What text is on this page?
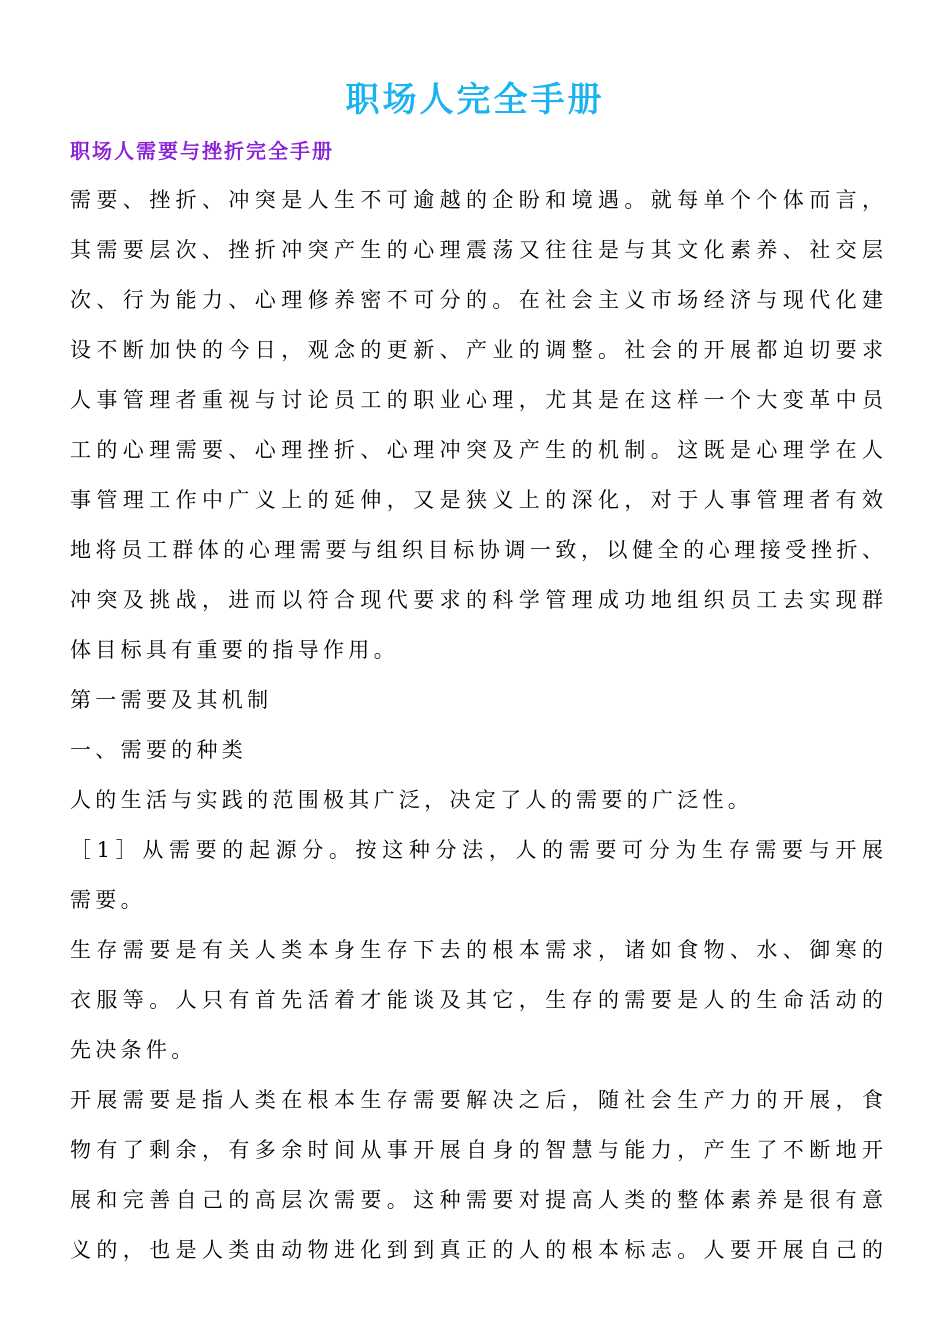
职场人完全手册
职场人需要与挫折完全手册
需要、挫折、冲突是人生不可逾越的企盼和境遇。就每单个个体而言，
其需要层次、挫折冲突产生的心理震荡又往往是与其文化素养、社交层
次、行为能力、心理修养密不可分的。在社会主义市场经济与现代化建
设不断加快的今日，观念的更新、产业的调整。社会的开展都迫切要求
人事管理者重视与讨论员工的职业心理，尤其是在这样一个大变革中员
工的心理需要、心理挫折、心理冲突及产生的机制。这既是心理学在人
事管理工作中广义上的延伸，又是狭义上的深化，对于人事管理者有效
地将员工群体的心理需要与组织目标协调一致，以健全的心理接受挫折、
冲突及挑战，进而以符合现代要求的科学管理成功地组织员工去实现群
体目标具有重要的指导作用。
第一需要及其机制
一、需要的种类
人的生活与实践的范围极其广泛，决定了人的需要的广泛性。
［1］从需要的起源分。按这种分法，人的需要可分为生存需要与开展
需要。
生存需要是有关人类本身生存下去的根本需求，诸如食物、水、御寒的
衣服等。人只有首先活着才能谈及其它，生存的需要是人的生命活动的
先决条件。
开展需要是指人类在根本生存需要解决之后，随社会生产力的开展，食
物有了剩余，有多余时间从事开展自身的智慧与能力，产生了不断地开
展和完善自己的高层次需要。这种需要对提高人类的整体素养是很有意
义的，也是人类由动物进化到到真正的人的根本标志。人要开展自己的
